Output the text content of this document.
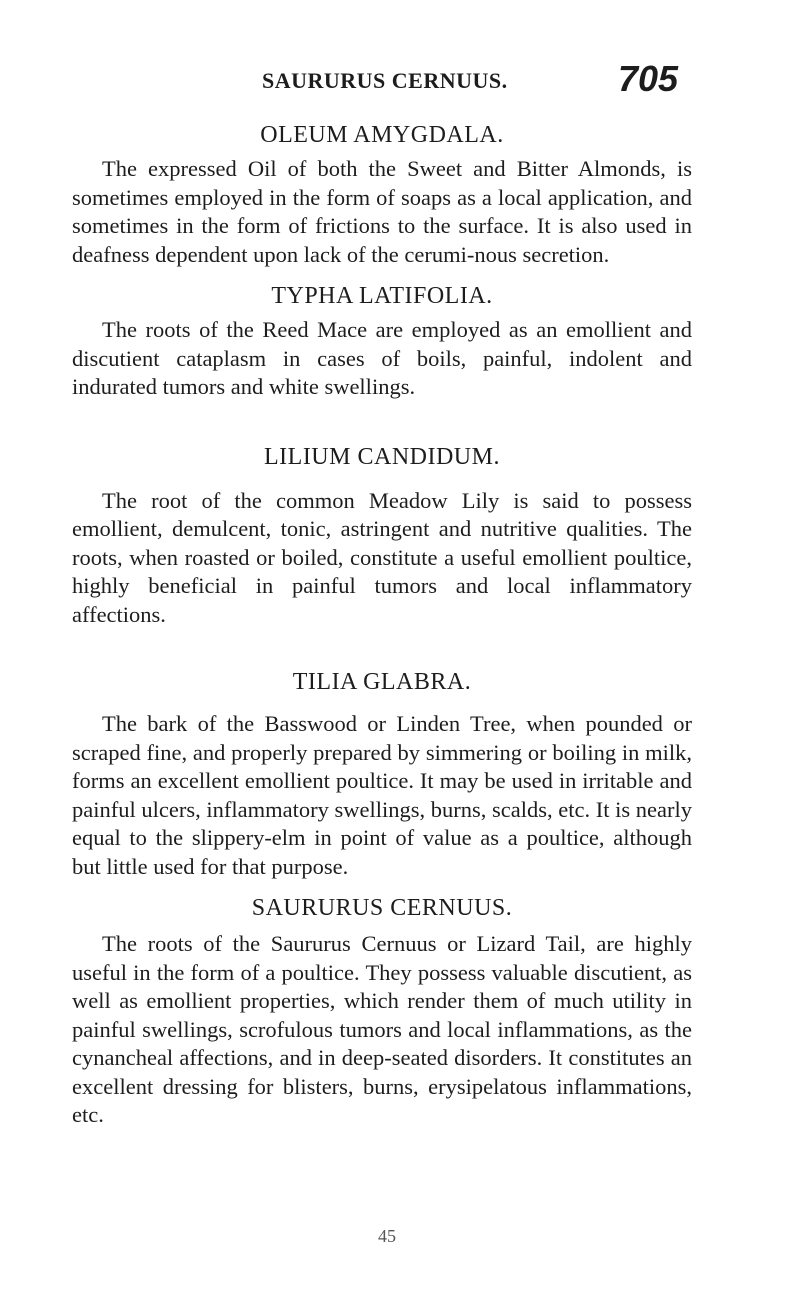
SAURURUS CERNUUS.	705
OLEUM AMYGDALA.

The expressed Oil of both the Sweet and Bitter Almonds, is sometimes employed in the form of soaps as a local application, and sometimes in the form of frictions to the surface. It is also used in deafness dependent upon lack of the cerumi-nous secretion.

TYPHA LATIFOLIA.

The roots of the Reed Mace are employed as an emollient and discutient cataplasm in cases of boils, painful, indolent and indurated tumors and white swellings.

LILIUM CANDIDUM.

The root of the common Meadow Lily is said to possess emollient, demulcent, tonic, astringent and nutritive qualities. The roots, when roasted or boiled, constitute a useful emollient poultice, highly beneficial in painful tumors and local inflammatory affections.

TILIA GLABRA.

The bark of the Basswood or Linden Tree, when pounded or scraped fine, and properly prepared by simmering or boiling in milk, forms an excellent emollient poultice. It may be used in irritable and painful ulcers, inflammatory swellings, burns, scalds, etc. It is nearly equal to the slippery-elm in point of value as a poultice, although but little used for that purpose.

SAURURUS CERNUUS.

The roots of the Saururus Cernuus or Lizard Tail, are highly useful in the form of a poultice. They possess valuable discutient, as well as emollient properties, which render them of much utility in painful swellings, scrofulous tumors and local inflammations, as the cynancheal affections, and in deep-seated disorders. It constitutes an excellent dressing for blisters, burns, erysipelatous inflammations, etc.

45
